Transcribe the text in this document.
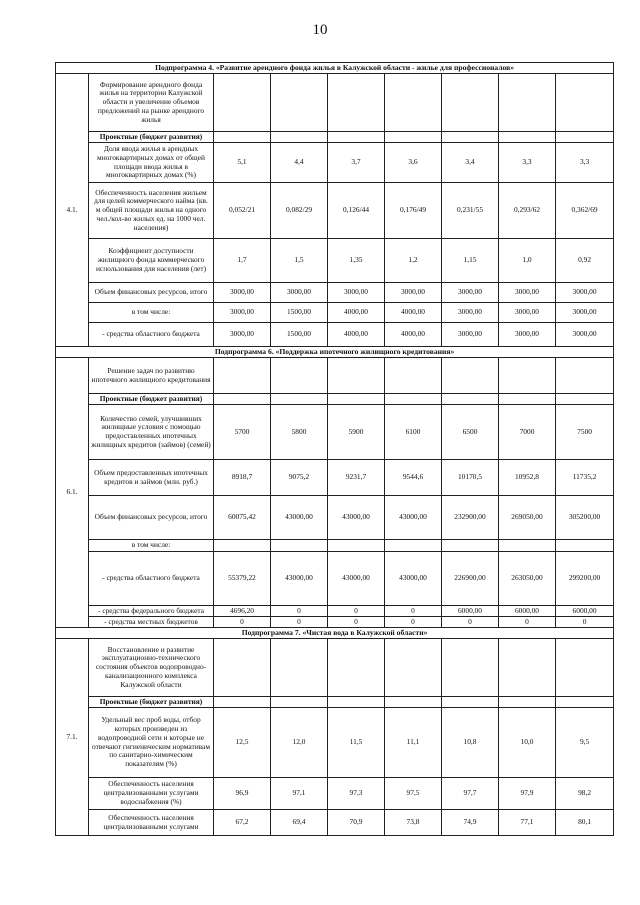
10
Подпрограмма 4. «Развитие арендного фонда жилья в Калужской области - жилье для профессионалов»								
4.1.	Формирование арендного фонда жилья на территории Калужской области и увеличение объемов предложений на рынке арендного жилья							
	Проектные (бюджет развития)							
	Доля ввода жилья в арендных многоквартирных домах от общей площади ввода жилья в многоквартирных домах (%)	5,1	4,4	3,7	3,6	3,4	3,3	3,3
	Обеспеченность населения жильем для целей коммерческого найма (кв. м общей площади жилья на одного чел./кол-во жилых ед. на 1000 чел. населения)	0,052/21	0,082/29	0,126/44	0,176/49	0,231/55	0,293/62	0,362/69
	Коэффициент доступности жилищного фонда коммерческого использования для населения (лет)	1,7	1,5	1,35	1,2	1,15	1,0	0,92
	Объем финансовых ресурсов, итого	3000,00	3000,00	3000,00	3000,00	3000,00	3000,00	3000,00
	в том числе:	3000,00	1500,00	4000,00	4000,00	3000,00	3000,00	3000,00
	- средства областного бюджета	3000,00	1500,00	4000,00	4000,00	3000,00	3000,00	3000,00
Подпрограмма 6. «Поддержка ипотечного жилищного кредитования»								
6.1.	Решение задач по развитию ипотечного жилищного кредитования							
	Проектные (бюджет развития)							
	Количество семей, улучшивших жилищные условия с помощью предоставленных ипотечных жилищных кредитов (займов) (семей)	5700	5800	5900	6100	6500	7000	7500
	Объем предоставленных ипотечных кредитов и займов (млн. руб.)	8918,7	9075,2	9231,7	9544,6	10170,5	10952,8	11735,2
	Объем финансовых ресурсов, итого	60075,42	43000,00	43000,00	43000,00	232900,00	269050,00	305200,00
	в том числе:							
	- средства областного бюджета	55379,22	43000,00	43000,00	43000,00	226900,00	263050,00	299200,00
	- средства федерального бюджета	4696,20	0	0	0	6000,00	6000,00	6000,00
	- средства местных бюджетов	0	0	0	0	0	0	0
Подпрограмма 7. «Чистая вода в Калужской области»								
7.1.	Восстановление и развитие эксплуатационно-технического состояния объектов водопроводно-канализационного комплекса Калужской области							
	Проектные (бюджет развития)							
	Удельный вес проб воды, отбор которых произведен из водопроводной сети и которые не отвечают гигиеническим нормативам по санитарно-химическим показателям (%)	12,5	12,0	11,5	11,1	10,8	10,0	9,5
	Обеспеченность населения централизованными услугами водоснабжения (%)	96,9	97,1	97,3	97,5	97,7	97,9	98,2
	Обеспеченность населения централизованными услугами	67,2	69,4	70,9	73,8	74,9	77,1	80,1
